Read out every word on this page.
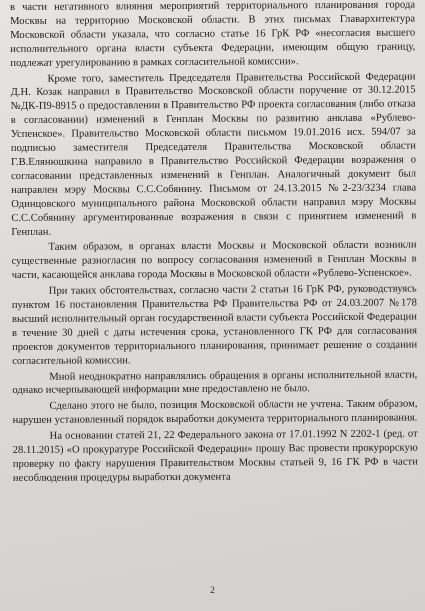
в части негативного влияния мероприятий территориального планирования города Москвы на территорию Московской области. В этих письмах Главархитектура Московской области указала, что согласно статье 16 ГрК РФ «несогласия высшего исполнительного органа власти субъекта Федерации, имеющим общую границу, подлежат урегулированию в рамках согласительной комиссии».

Кроме того, заместитель Председателя Правительства Российской Федерации Д.Н. Козак направил в Правительство Московской области поручение от 30.12.2015 №ДК-П9-8915 о предоставлении в Правительство РФ проекта согласования (либо отказа в согласовании) изменений в Генплан Москвы по развитию анклава «Рублево-Успенское». Правительство Московской области письмом 19.01.2016 исх. 594/07 за подписью заместителя Председателя Правительства Московской области Г.В.Елянюшкина направило в Правительство Российской Федерации возражения о согласовании представленных изменений в Генплан. Аналогичный документ был направлен мэру Москвы С.С.Собянину. Письмом от 24.13.2015 №2-23/3234 глава Одинцовского муниципального района Московской области направил мэру Москвы С.С.Собянину аргументированные возражения в связи с принятием изменений в Генплан.

Таким образом, в органах власти Москвы и Московской области возникли существенные разногласия по вопросу согласования изменений в Генплан Москвы в части, касающейся анклава города Москвы в Московской области «Рублево-Успенское».

При таких обстоятельствах, согласно части 2 статьи 16 ГрК РФ, руководствуясь пунктом 16 постановления Правительства РФ Правительства РФ от 24.03.2007 №178 высший исполнительный орган государственной власти субъекта Российской Федерации в течение 30 дней с даты истечения срока, установленного ГК РФ для согласования проектов документов территориального планирования, принимает решение о создании согласительной комиссии.

Мной неоднократно направлялись обращения в органы исполнительной власти, однако исчерпывающей информации мне предоставлено не было.

Сделано этого не было, позиция Московской области не учтена. Таким образом, нарушен установленный порядок выработки документа территориального планирования.

На основании статей 21, 22 Федерального закона от 17.01.1992 N 2202-1 (ред. от 28.11.2015) «О прокуратуре Российской Федерации» прошу Вас провести прокурорскую проверку по факту нарушения Правительством Москвы статьей 9, 16 ГК РФ в части несоблюдения процедуры выработки документа

2
